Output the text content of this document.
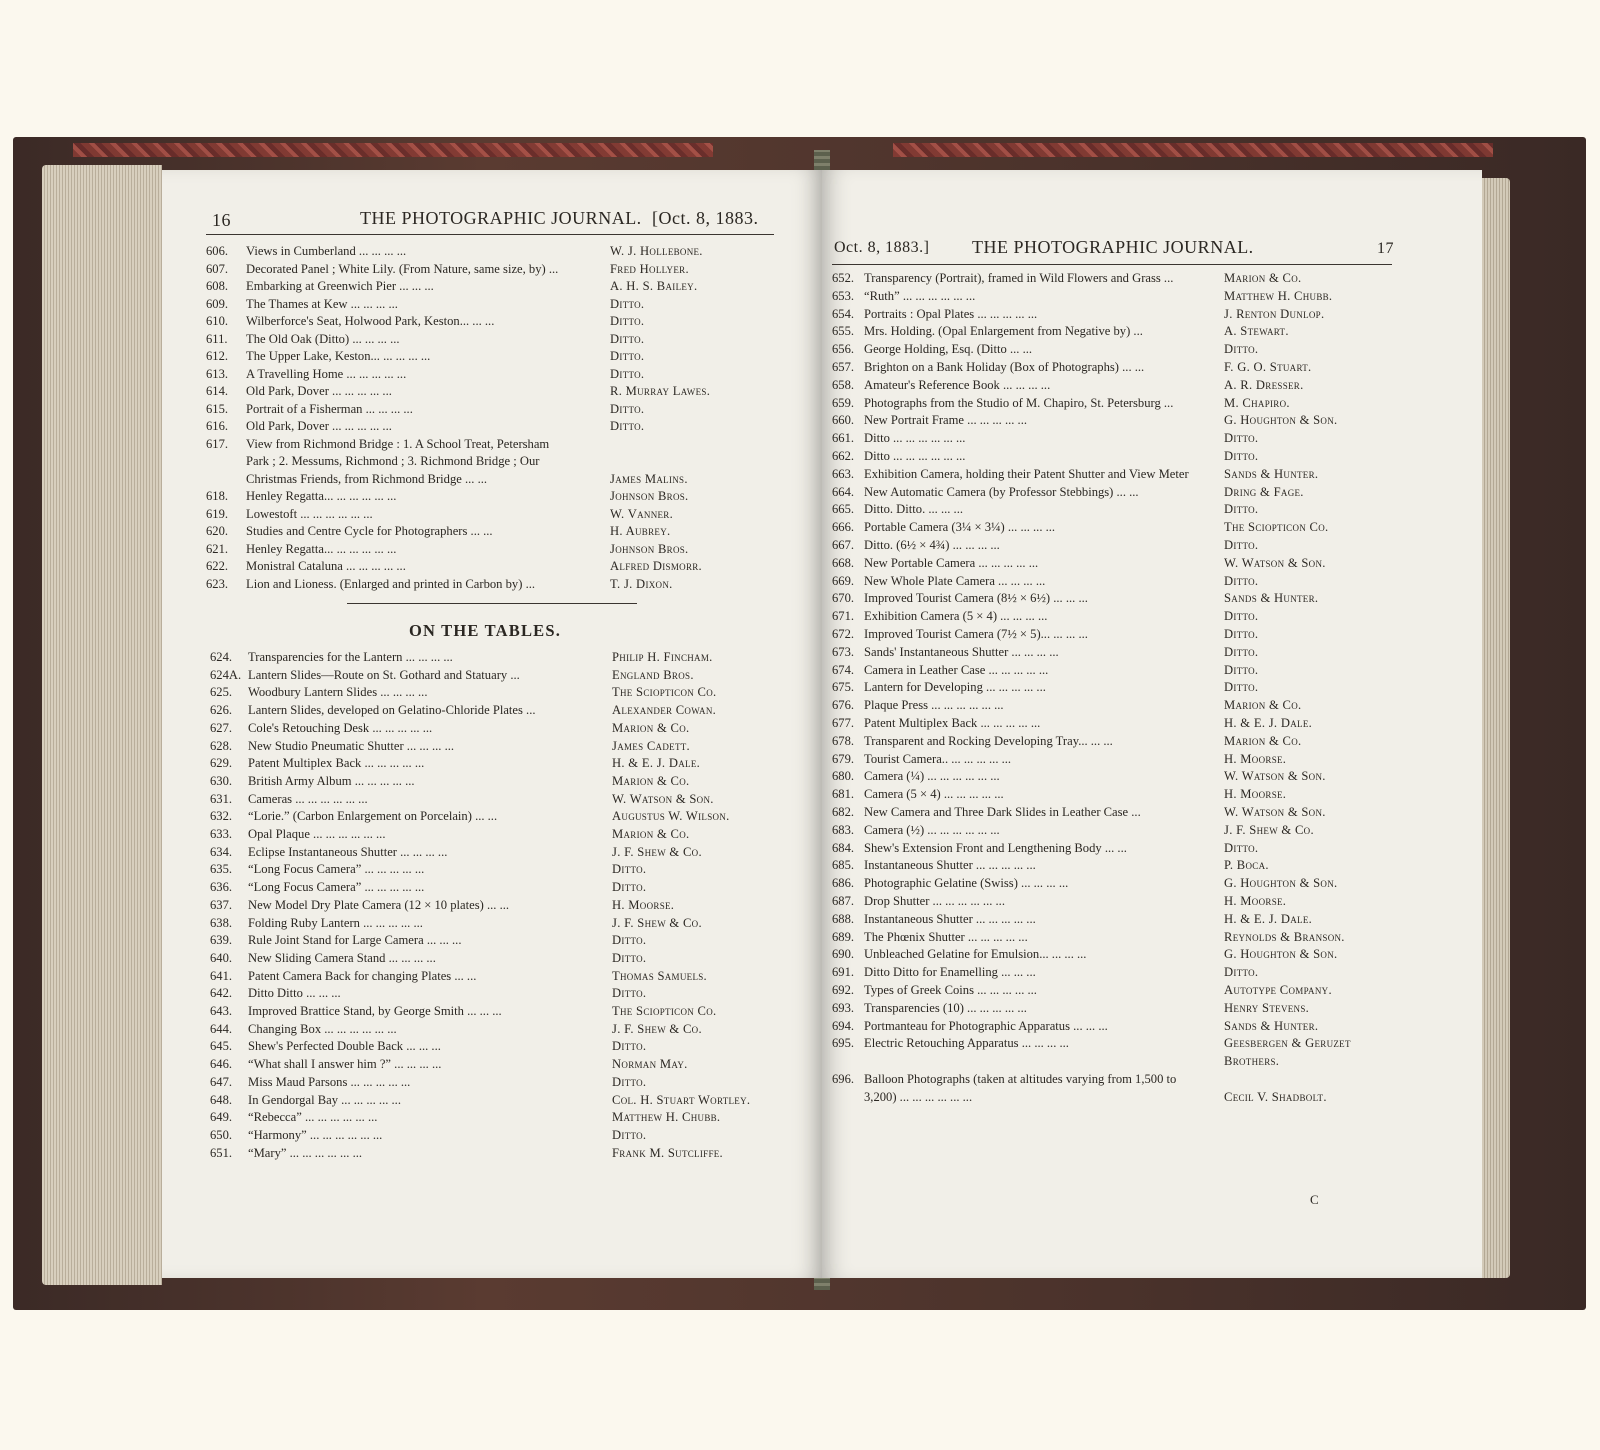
16	THE PHOTOGRAPHIC JOURNAL. [Oct. 8, 1883.
606. Views in Cumberland ... ... ... ...	W. J. Hollebone.
607. Decorated Panel ; White Lily. (From Nature, same size, by) ...	Fred Hollyer.
608. Embarking at Greenwich Pier ... ... ...	A. H. S. Bailey.
609. The Thames at Kew ... ... ... ...	Ditto.
610. Wilberforce's Seat, Holwood Park, Keston... ... ...	Ditto.
611. The Old Oak (Ditto) ... ... ... ...	Ditto.
612. The Upper Lake, Keston... ... ... ... ...	Ditto.
613. A Travelling Home ... ... ... ... ...	Ditto.
614. Old Park, Dover ... ... ... ... ...	R. Murray Lawes.
615. Portrait of a Fisherman ... ... ... ...	Ditto.
616. Old Park, Dover ... ... ... ... ...	Ditto.
617. View from Richmond Bridge : 1. A School Treat, Petersham
Park ; 2. Messums, Richmond ; 3. Richmond Bridge ; Our
Christmas Friends, from Richmond Bridge ... ...	James Malins.
618. Henley Regatta... ... ... ... ... ...	Johnson Bros.
619. Lowestoft ... ... ... ... ... ...	W. Vanner.
620. Studies and Centre Cycle for Photographers ... ...	H. Aubrey.
621. Henley Regatta... ... ... ... ... ...	Johnson Bros.
622. Monistral Cataluna ... ... ... ... ...	Alfred Dismorr.
623. Lion and Lioness. (Enlarged and printed in Carbon by) ...	T. J. Dixon.
ON THE TABLES.
624. Transparencies for the Lantern ... ... ... ...	Philip H. Fincham.
624A. Lantern Slides—Route on St. Gothard and Statuary ...	England Bros.
625. Woodbury Lantern Slides ... ... ... ...	The Sciopticon Co.
626. Lantern Slides, developed on Gelatino-Chloride Plates ...	Alexander Cowan.
627. Cole's Retouching Desk ... ... ... ... ...	Marion & Co.
628. New Studio Pneumatic Shutter ... ... ... ...	James Cadett.
629. Patent Multiplex Back ... ... ... ... ...	H. & E. J. Dale.
630. British Army Album ... ... ... ... ...	Marion & Co.
631. Cameras ... ... ... ... ... ...	W. Watson & Son.
632. “Lorie.” (Carbon Enlargement on Porcelain) ... ...	Augustus W. Wilson.
633. Opal Plaque ... ... ... ... ... ...	Marion & Co.
634. Eclipse Instantaneous Shutter ... ... ... ...	J. F. Shew & Co.
635. “Long Focus Camera” ... ... ... ... ...	Ditto.
636. “Long Focus Camera” ... ... ... ... ...	Ditto.
637. New Model Dry Plate Camera (12 × 10 plates) ... ...	H. Moorse.
638. Folding Ruby Lantern ... ... ... ... ...	J. F. Shew & Co.
639. Rule Joint Stand for Large Camera ... ... ...	Ditto.
640. New Sliding Camera Stand ... ... ... ...	Ditto.
641. Patent Camera Back for changing Plates ... ...	Thomas Samuels.
642. Ditto Ditto ... ... ...	Ditto.
643. Improved Brattice Stand, by George Smith ... ... ...	The Sciopticon Co.
644. Changing Box ... ... ... ... ... ...	J. F. Shew & Co.
645. Shew's Perfected Double Back ... ... ...	Ditto.
646. “What shall I answer him ?” ... ... ... ...	Norman May.
647. Miss Maud Parsons ... ... ... ... ...	Ditto.
648. In Gendorgal Bay ... ... ... ... ...	Col. H. Stuart Wortley.
649. “Rebecca” ... ... ... ... ... ...	Matthew H. Chubb.
650. “Harmony” ... ... ... ... ... ...	Ditto.
651. “Mary” ... ... ... ... ... ...	Frank M. Sutcliffe.
Oct. 8, 1883.] THE PHOTOGRAPHIC JOURNAL.	17
652. Transparency (Portrait), framed in Wild Flowers and Grass ...	Marion & Co.
653. “Ruth” ... ... ... ... ... ...	Matthew H. Chubb.
654. Portraits : Opal Plates ... ... ... ... ...	J. Renton Dunlop.
655. Mrs. Holding. (Opal Enlargement from Negative by) ...	A. Stewart.
656. George Holding, Esq. (Ditto ... ...	Ditto.
657. Brighton on a Bank Holiday (Box of Photographs) ... ...	F. G. O. Stuart.
658. Amateur's Reference Book ... ... ... ...	A. R. Dresser.
659. Photographs from the Studio of M. Chapiro, St. Petersburg ...	M. Chapiro.
660. New Portrait Frame ... ... ... ... ...	G. Houghton & Son.
661. Ditto ... ... ... ... ... ...	Ditto.
662. Ditto ... ... ... ... ... ...	Ditto.
663. Exhibition Camera, holding their Patent Shutter and View Meter	Sands & Hunter.
664. New Automatic Camera (by Professor Stebbings) ... ...	Dring & Fage.
665. Ditto. Ditto. ... ... ...	Ditto.
666. Portable Camera (3¼ × 3¼) ... ... ... ...	The Sciopticon Co.
667. Ditto. (6½ × 4¾) ... ... ... ...	Ditto.
668. New Portable Camera ... ... ... ... ...	W. Watson & Son.
669. New Whole Plate Camera ... ... ... ...	Ditto.
670. Improved Tourist Camera (8½ × 6½) ... ... ...	Sands & Hunter.
671. Exhibition Camera (5 × 4) ... ... ... ...	Ditto.
672. Improved Tourist Camera (7½ × 5)... ... ... ...	Ditto.
673. Sands' Instantaneous Shutter ... ... ... ...	Ditto.
674. Camera in Leather Case ... ... ... ... ...	Ditto.
675. Lantern for Developing ... ... ... ... ...	Ditto.
676. Plaque Press ... ... ... ... ... ...	Marion & Co.
677. Patent Multiplex Back ... ... ... ... ...	H. & E. J. Dale.
678. Transparent and Rocking Developing Tray... ... ...	Marion & Co.
679. Tourist Camera.. ... ... ... ... ...	H. Moorse.
680. Camera (¼) ... ... ... ... ... ...	W. Watson & Son.
681. Camera (5 × 4) ... ... ... ... ...	H. Moorse.
682. New Camera and Three Dark Slides in Leather Case ...	W. Watson & Son.
683. Camera (½) ... ... ... ... ... ...	J. F. Shew & Co.
684. Shew's Extension Front and Lengthening Body ... ...	Ditto.
685. Instantaneous Shutter ... ... ... ... ...	P. Boca.
686. Photographic Gelatine (Swiss) ... ... ... ...	G. Houghton & Son.
687. Drop Shutter ... ... ... ... ... ...	H. Moorse.
688. Instantaneous Shutter ... ... ... ... ...	H. & E. J. Dale.
689. The Phœnix Shutter ... ... ... ... ...	Reynolds & Branson.
690. Unbleached Gelatine for Emulsion... ... ... ...	G. Houghton & Son.
691. Ditto Ditto for Enamelling ... ... ...	Ditto.
692. Types of Greek Coins ... ... ... ... ...	Autotype Company.
693. Transparencies (10) ... ... ... ... ...	Henry Stevens.
694. Portmanteau for Photographic Apparatus ... ... ...	Sands & Hunter.
695. Electric Retouching Apparatus ... ... ... ...	Geesbergen & Geruzet
Brothers.
696. Balloon Photographs (taken at altitudes varying from 1,500 to
3,200) ... ... ... ... ... ...	Cecil V. Shadbolt.
C
